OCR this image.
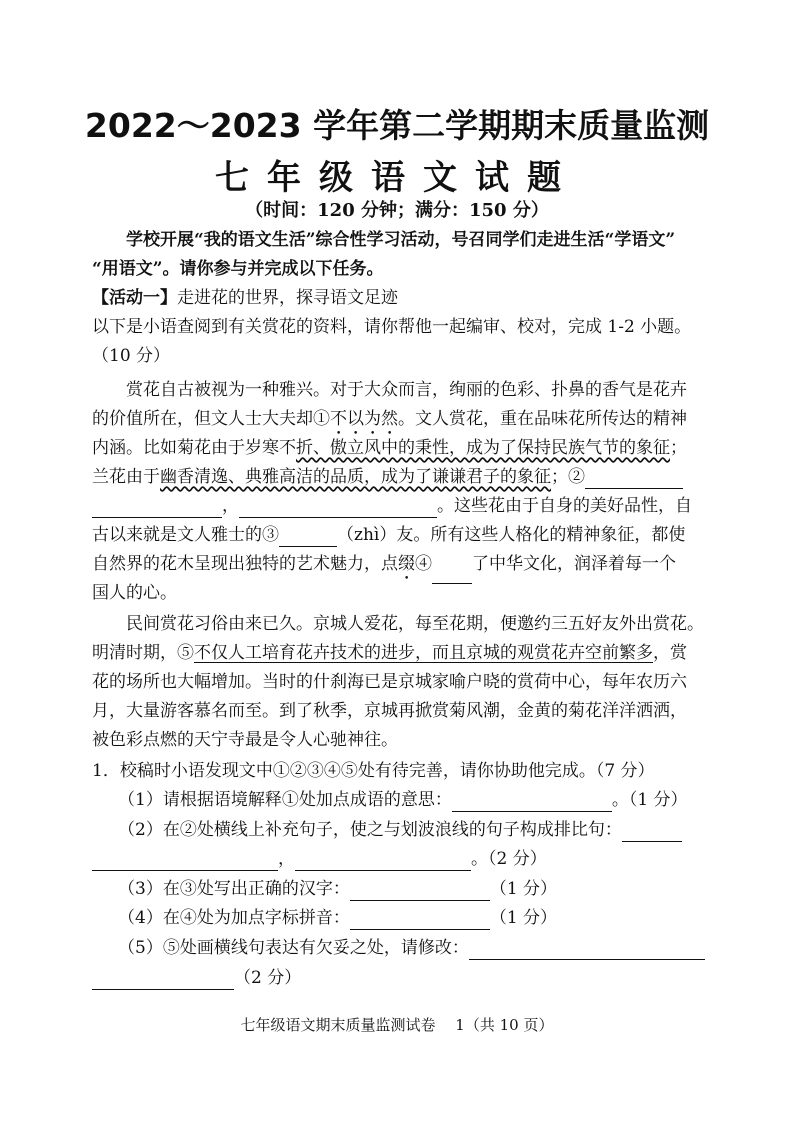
2022～2023 学年第二学期期末质量监测
七年级语文试题
（时间：120 分钟；满分：150 分）
学校开展“我的语文生活”综合性学习活动，号召同学们走进生活“学语文”
“用语文”。请你参与并完成以下任务。
【活动一】走进花的世界，探寻语文足迹
以下是小语查阅到有关赏花的资料，请你帮他一起编审、校对，完成 1-2 小题。
（10 分）
赏花自古被视为一种雅兴。对于大众而言，绚丽的色彩、扑鼻的香气是花卉
的价值所在，但文人士大夫却①不以为然。文人赏花，重在品味花所传达的精神
内涵。比如菊花由于岁寒不折、傲立风中的秉性，成为了保持民族气节的象征；
兰花由于幽香清逸、典雅高洁的品质，成为了谦谦君子的象征；②
，	。这些花由于自身的美好品性，自
古以来就是文人雅士的③	（zhì）友。所有这些人格化的精神象征，都使
自然界的花木呈现出独特的艺术魅力，点缀④ 了中华文化，润泽着每一个
国人的心。
民间赏花习俗由来已久。京城人爱花，每至花期，便邀约三五好友外出赏花。
明清时期，⑤不仅人工培育花卉技术的进步，而且京城的观赏花卉空前繁多，赏
花的场所也大幅增加。当时的什刹海已是京城家喻户晓的赏荷中心，每年农历六
月，大量游客慕名而至。到了秋季，京城再掀赏菊风潮，金黄的菊花洋洋洒洒，
被色彩点燃的天宁寺最是令人心驰神往。
1．校稿时小语发现文中①②③④⑤处有待完善，请你协助他完成。（7 分）
（1）请根据语境解释①处加点成语的意思：	。（1 分）
（2）在②处横线上补充句子，使之与划波浪线的句子构成排比句：
，	。（2 分）
（3）在③处写出正确的汉字：	（1 分）
（4）在④处为加点字标拼音：	（1 分）
（5）⑤处画横线句表达有欠妥之处，请修改：
（2 分）
七年级语文期末质量监测试卷　 1（共 10 页）
